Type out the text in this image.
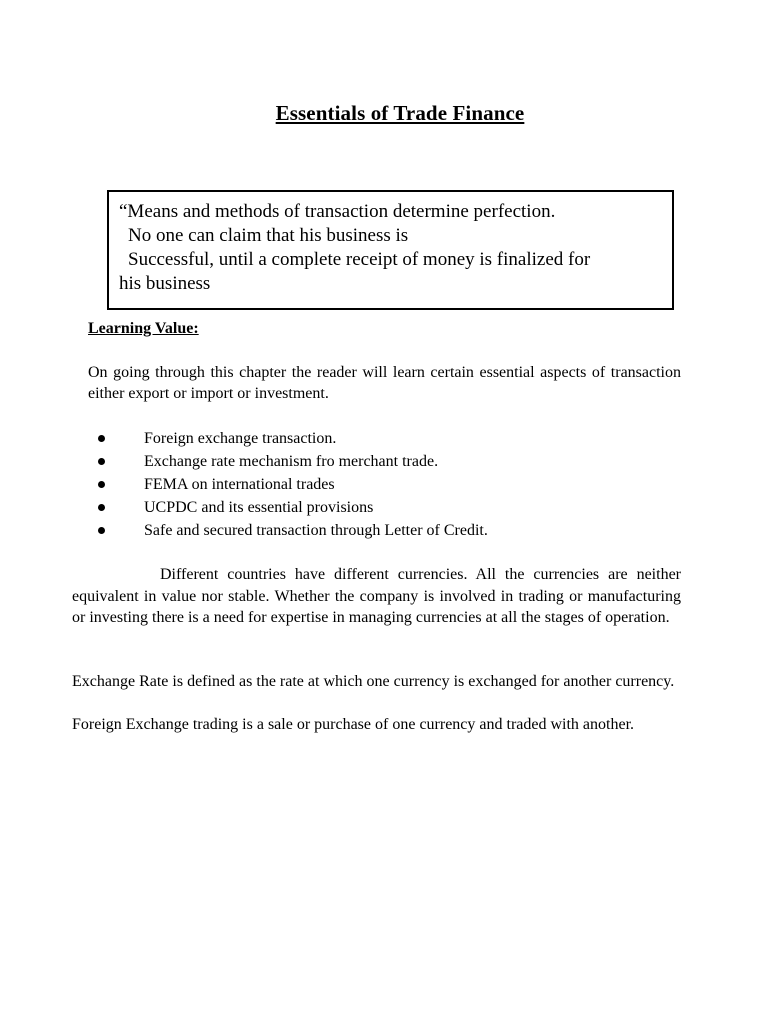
Essentials of Trade Finance
“Means and methods of transaction determine perfection.
No one can claim that his business is
Successful, until a complete receipt of money is finalized for
his business
Learning Value:

On going through this chapter the reader will learn certain essential aspects of transaction either export or import or investment.

Foreign exchange transaction.
Exchange rate mechanism fro merchant trade.
FEMA on international trades
UCPDC and its essential provisions
Safe and secured transaction through Letter of Credit.

Different countries have different currencies. All the currencies are neither equivalent in value nor stable. Whether the company is involved in trading or manufacturing or investing there is a need for expertise in managing currencies at all the stages of operation.

Exchange Rate is defined as the rate at which one currency is exchanged for another currency.

Foreign Exchange trading is a sale or purchase of one currency and traded with another.
